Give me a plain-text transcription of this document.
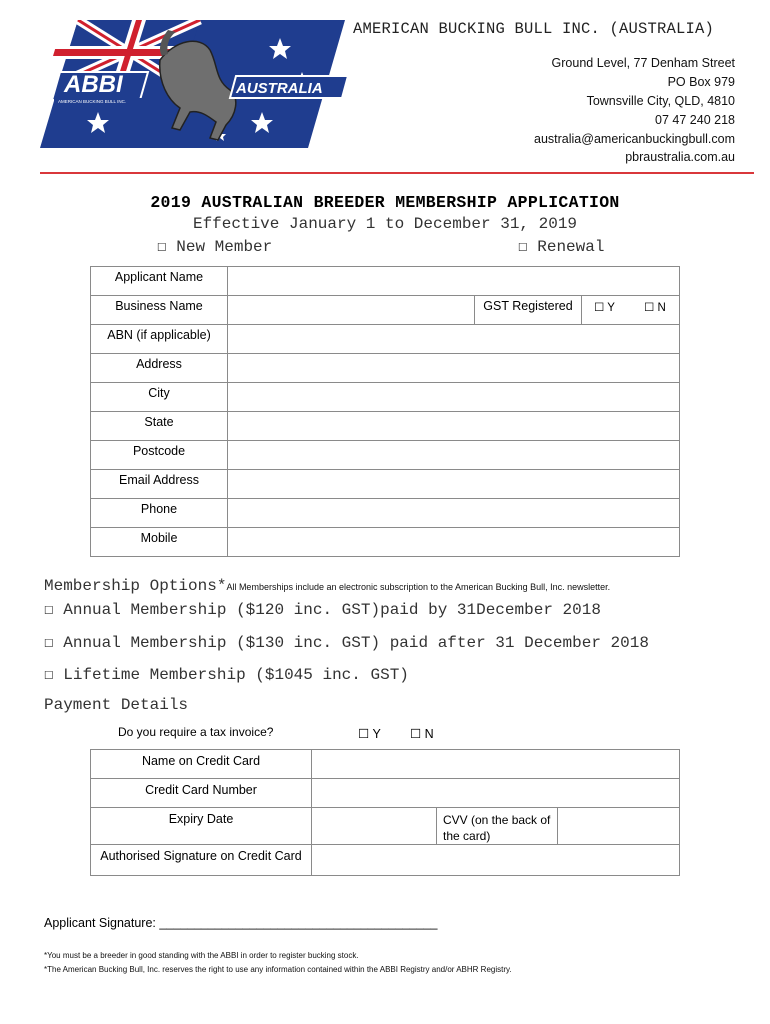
ABBI
AMERICAN BUCKING BULL INC.
AUSTRALIA
AMERICAN BUCKING BULL INC. (AUSTRALIA)
Ground Level, 77 Denham Street
PO Box 979
Townsville City, QLD, 4810
07 47 240 218
australia@americanbuckingbull.com
pbraustralia.com.au
2019 AUSTRALIAN BREEDER MEMBERSHIP APPLICATION
Effective January 1 to December 31, 2019
☐ New Member	☐ Renewal
Applicant Name				
Business Name		GST Registered	☐ Y	☐ N
ABN (if applicable)				
Address				
City				
State				
Postcode				
Email Address				
Phone				
Mobile				
Membership Options*All Memberships include an electronic subscription to the American Bucking Bull, Inc. newsletter.
☐ Annual Membership ($120 inc. GST)paid by 31December 2018
☐ Annual Membership ($130 inc. GST) paid after 31 December 2018
☐ Lifetime Membership ($1045 inc. GST)
Payment Details
Do you require a tax invoice?	☐ Y ☐ N
Name on Credit Card			
Credit Card Number			
Expiry Date		CVV (on the back of the card)	
Authorised Signature on Credit Card			
Applicant Signature: ________________________________________
*You must be a breeder in good standing with the ABBI in order to register bucking stock.
*The American Bucking Bull, Inc. reserves the right to use any information contained within the ABBI Registry and/or ABHR Registry.
